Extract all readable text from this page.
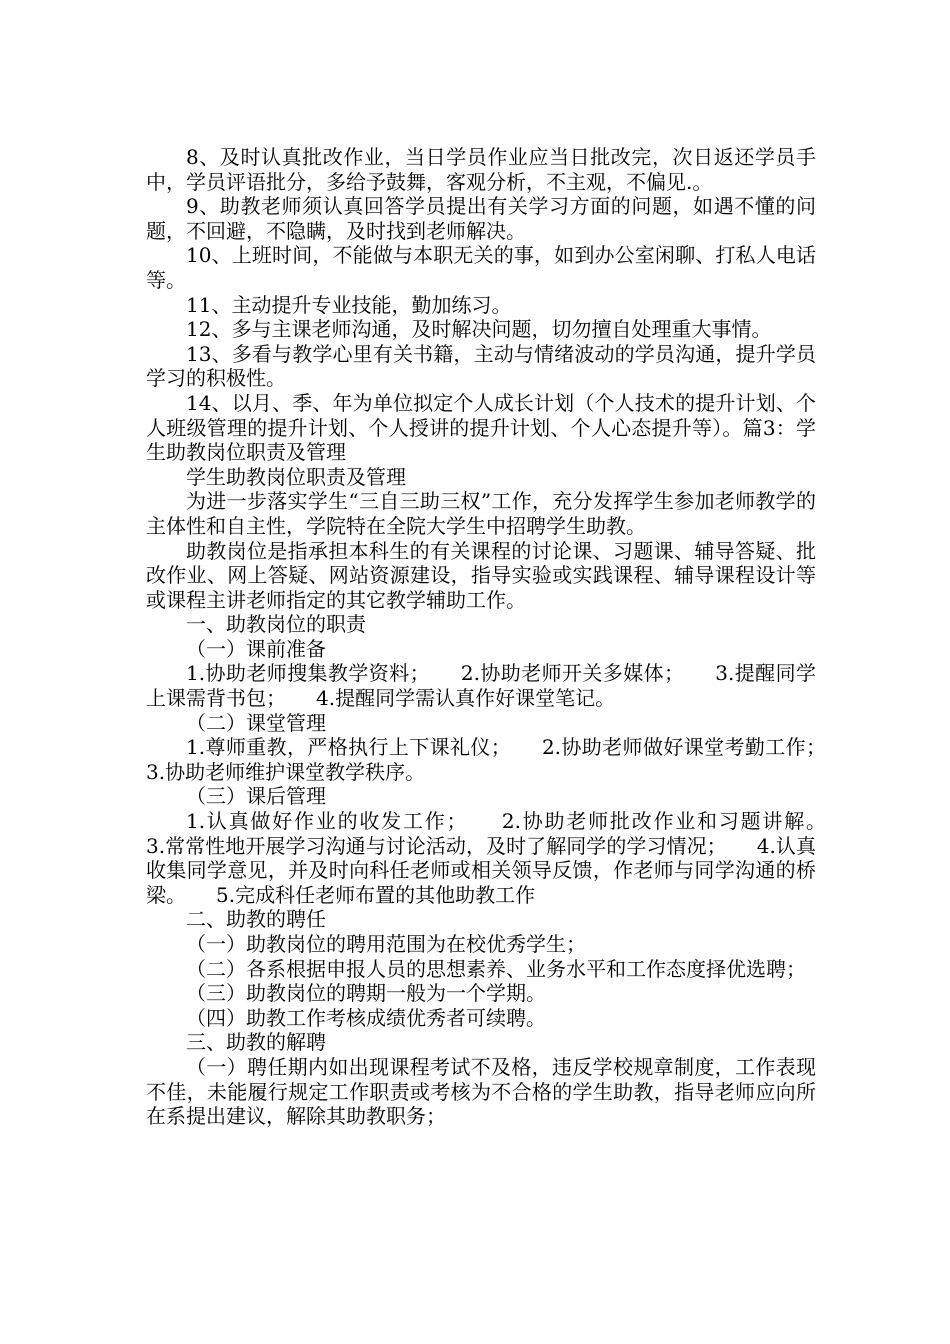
8、及时认真批改作业，当日学员作业应当日批改完，次日返还学员手中，学员评语批分，多给予鼓舞，客观分析，不主观，不偏见.。

9、助教老师须认真回答学员提出有关学习方面的问题，如遇不懂的问题，不回避，不隐瞒，及时找到老师解决。

10、上班时间，不能做与本职无关的事，如到办公室闲聊、打私人电话等。

11、主动提升专业技能，勤加练习。

12、多与主课老师沟通，及时解决问题，切勿擅自处理重大事情。

13、多看与教学心里有关书籍，主动与情绪波动的学员沟通，提升学员学习的积极性。

14、以月、季、年为单位拟定个人成长计划（个人技术的提升计划、个人班级管理的提升计划、个人授讲的提升计划、个人心态提升等）。篇3：学生助教岗位职责及管理

学生助教岗位职责及管理

为进一步落实学生“三自三助三权”工作，充分发挥学生参加老师教学的主体性和自主性，学院特在全院大学生中招聘学生助教。

助教岗位是指承担本科生的有关课程的讨论课、习题课、辅导答疑、批改作业、网上答疑、网站资源建设，指导实验或实践课程、辅导课程设计等或课程主讲老师指定的其它教学辅助工作。

一、助教岗位的职责

（一）课前准备

1.协助老师搜集教学资料；　　2.协助老师开关多媒体；　　3.提醒同学上课需背书包；　　4.提醒同学需认真作好课堂笔记。

（二）课堂管理

1.尊师重教，严格执行上下课礼仪；　　2.协助老师做好课堂考勤工作；　　3.协助老师维护课堂教学秩序。

（三）课后管理

1.认真做好作业的收发工作；　　2.协助老师批改作业和习题讲解。　　3.常常性地开展学习沟通与讨论活动，及时了解同学的学习情况；　　4.认真收集同学意见，并及时向科任老师或相关领导反馈，作老师与同学沟通的桥梁。　　5.完成科任老师布置的其他助教工作

二、助教的聘任

（一）助教岗位的聘用范围为在校优秀学生；

（二）各系根据申报人员的思想素养、业务水平和工作态度择优选聘；

（三）助教岗位的聘期一般为一个学期。

（四）助教工作考核成绩优秀者可续聘。

三、助教的解聘

（一）聘任期内如出现课程考试不及格，违反学校规章制度，工作表现不佳，未能履行规定工作职责或考核为不合格的学生助教，指导老师应向所在系提出建议，解除其助教职务；
